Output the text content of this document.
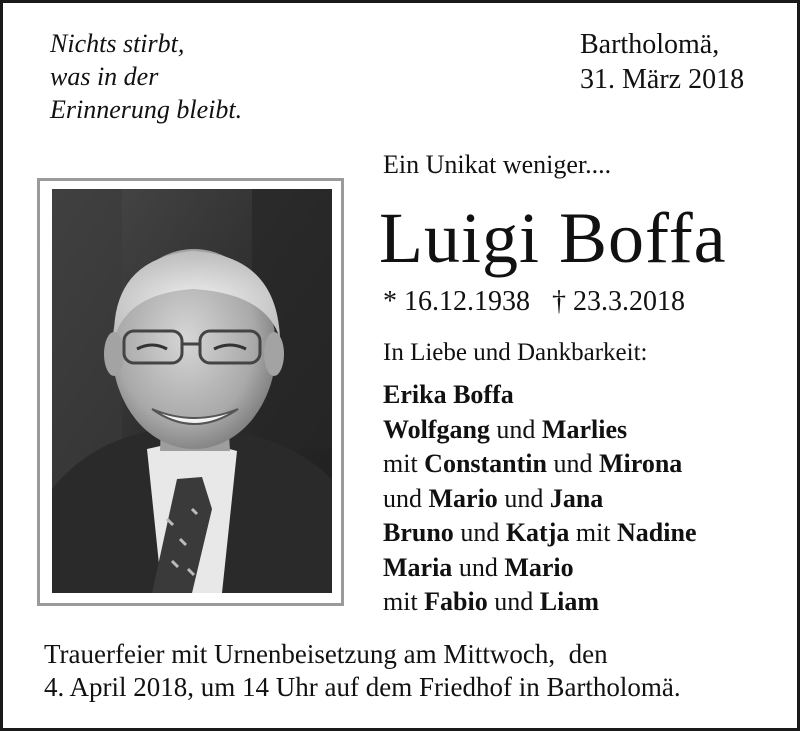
Nichts stirbt,
was in der
Erinnerung bleibt.
Bartholomä,
31. März 2018
Ein Unikat weniger....
Luigi Boffa
* 16.12.1938 † 23.3.2018
In Liebe und Dankbarkeit:
Erika Boffa
Wolfgang und Marlies
mit Constantin und Mirona
und Mario und Jana
Bruno und Katja mit Nadine
Maria und Mario
mit Fabio und Liam
Trauerfeier mit Urnenbeisetzung am Mittwoch,  den
4. April 2018, um 14 Uhr auf dem Friedhof in Bartholomä.
